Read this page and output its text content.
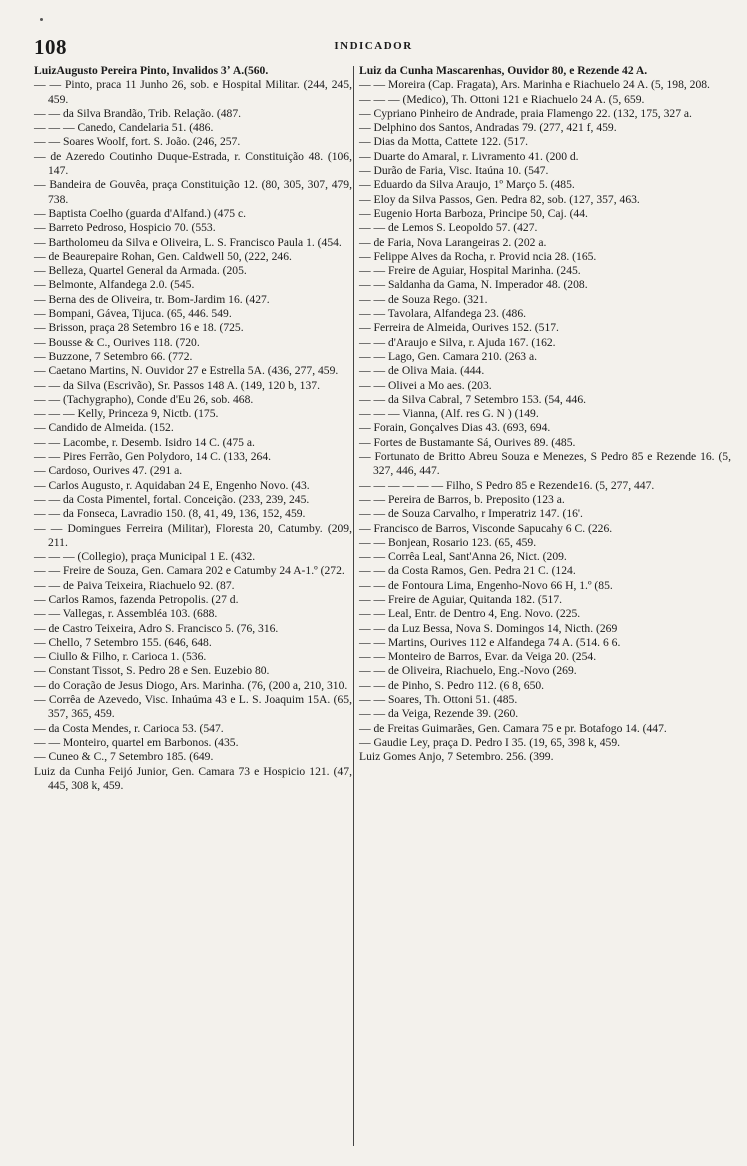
108	INDICADOR

LuizAugusto Pereira Pinto, Invalidos 3ʼ A.(560.

— — Pinto, praca 11 Junho 26, sob. e Hospital Militar. (244, 245, 459.

— — da Silva Brandão, Trib. Relação. (487.

— — — Canedo, Candelaria 51. (486.

— — Soares Woolf, fort. S. João. (246, 257.

— de Azeredo Coutinho Duque-Estrada, r. Constituição 48. (106, 147.

— Bandeira de Gouvêa, praça Constituição 12. (80, 305, 307, 479, 738.

— Baptista Coelho (guarda d'Alfand.) (475 c.

— Barreto Pedroso, Hospicio 70. (553.

— Bartholomeu da Silva e Oliveira, L. S. Francisco Paula 1. (454.

— de Beaurepaire Rohan, Gen. Caldwell 50, (222, 246.

— Belleza, Quartel General da Armada. (205.

— Belmonte, Alfandega 2.0. (545.

— Berna des de Oliveira, tr. Bom-Jardim 16. (427.

— Bompani, Gávea, Tijuca. (65, 446. 549.

— Brisson, praça 28 Setembro 16 e 18. (725.

— Bousse & C., Ourives 118. (720.

— Buzzone, 7 Setembro 66. (772.

— Caetano Martins, N. Ouvidor 27 e Estrella 5A. (436, 277, 459.

— — da Silva (Escrivão), Sr. Passos 148 A. (149, 120 b, 137.

— — (Tachygrapho), Conde d'Eu 26, sob. 468.

— — — Kelly, Princeza 9, Nictb. (175.

— Candido de Almeida. (152.

— — Lacombe, r. Desemb. Isidro 14 C. (475 a.

— — Pires Ferrão, Gen Polydoro, 14 C. (133, 264.

— Cardoso, Ourives 47. (291 a.

— Carlos Augusto, r. Aquidaban 24 E, Engenho Novo. (43.

— — da Costa Pimentel, fortal. Conceição. (233, 239, 245.

— — da Fonseca, Lavradio 150. (8, 41, 49, 136, 152, 459.

— — Domingues Ferreira (Militar), Floresta 20, Catumby. (209, 211.

— — — (Collegio), praça Municipal 1 E. (432.

— — Freire de Souza, Gen. Camara 202 e Catumby 24 A-1.º (272.

— — de Paiva Teixeira, Riachuelo 92. (87.

— Carlos Ramos, fazenda Petropolis. (27 d.

— — Vallegas, r. Assembléa 103. (688.

— de Castro Teixeira, Adro S. Francisco 5. (76, 316.

— Chello, 7 Setembro 155. (646, 648.

— Ciullo & Filho, r. Carioca 1. (536.

— Constant Tissot, S. Pedro 28 e Sen. Euzebio 80.

— do Coração de Jesus Diogo, Ars. Marinha. (76, (200 a, 210, 310.

— Corrêa de Azevedo, Visc. Inhaúma 43 e L. S. Joaquim 15A. (65, 357, 365, 459.

— da Costa Mendes, r. Carioca 53. (547.

— — Monteiro, quartel em Barbonos. (435.

— Cuneo & C., 7 Setembro 185. (649.

Luiz da Cunha Feijó Junior, Gen. Camara 73 e Hospicio 121. (47, 445, 308 k, 459.

Luiz da Cunha Mascarenhas, Ouvidor 80, e Rezende 42 A.

— — Moreira (Cap. Fragata), Ars. Marinha e Riachuelo 24 A. (5, 198, 208.

— — — (Medico), Th. Ottoni 121 e Riachuelo 24 A. (5, 659.

— Cypriano Pinheiro de Andrade, praia Flamengo 22. (132, 175, 327 a.

— Delphino dos Santos, Andradas 79. (277, 421 f, 459.

— Dias da Motta, Cattete 122. (517.

— Duarte do Amaral, r. Livramento 41. (200 d.

— Durão de Faria, Visc. Itaúna 10. (547.

— Eduardo da Silva Araujo, 1º Março 5. (485.

— Eloy da Silva Passos, Gen. Pedra 82, sob. (127, 357, 463.

— Eugenio Horta Barboza, Principe 50, Caj. (44.

— — de Lemos S. Leopoldo 57. (427.

— de Faria, Nova Larangeiras 2. (202 a.

— Felippe Alves da Rocha, r. Provid ncia 28. (165.

— — Freire de Aguiar, Hospital Marinha. (245.

— — Saldanha da Gama, N. Imperador 48. (208.

— — de Souza Rego. (321.

— — Tavolara, Alfandega 23. (486.

— Ferreira de Almeida, Ourives 152. (517.

— — d'Araujo e Silva, r. Ajuda 167. (162.

— — Lago, Gen. Camara 210. (263 a.

— — de Oliva Maia. (444.

— — Olivei a Mo aes. (203.

— — da Silva Cabral, 7 Setembro 153. (54, 446.

— — — Vianna, (Alf. res G. N ) (149.

— Forain, Gonçalves Dias 43. (693, 694.

— Fortes de Bustamante Sá, Ourives 89. (485.

— Fortunato de Britto Abreu Souza e Menezes, S Pedro 85 e Rezende 16. (5, 327, 446, 447.

— — — — — — Filho, S Pedro 85 e Rezende16. (5, 277, 447.

— — Pereira de Barros, b. Preposito (123 a.

— — de Souza Carvalho, r Imperatriz 147. (16'.

— Francisco de Barros, Visconde Sapucahy 6 C. (226.

— — Bonjean, Rosario 123. (65, 459.

— — Corrêa Leal, Sant'Anna 26, Nict. (209.

— — da Costa Ramos, Gen. Pedra 21 C. (124.

— — de Fontoura Lima, Engenho-Novo 66 H, 1.º (85.

— — Freire de Aguiar, Quitanda 182. (517.

— — Leal, Entr. de Dentro 4, Eng. Novo. (225.

— — da Luz Bessa, Nova S. Domingos 14, Nicth. (269

— — Martins, Ourives 112 e Alfandega 74 A. (514. 6 6.

— — Monteiro de Barros, Evar. da Veiga 20. (254.

— — de Oliveira, Riachuelo, Eng.-Novo (269.

— — de Pinho, S. Pedro 112. (6 8, 650.

— — Soares, Th. Ottoni 51. (485.

— — da Veiga, Rezende 39. (260.

— de Freitas Guimarães, Gen. Camara 75 e pr. Botafogo 14. (447.

— Gaudie Ley, praça D. Pedro I 35. (19, 65, 398 k, 459.

Luiz Gomes Anjo, 7 Setembro. 256. (399.
